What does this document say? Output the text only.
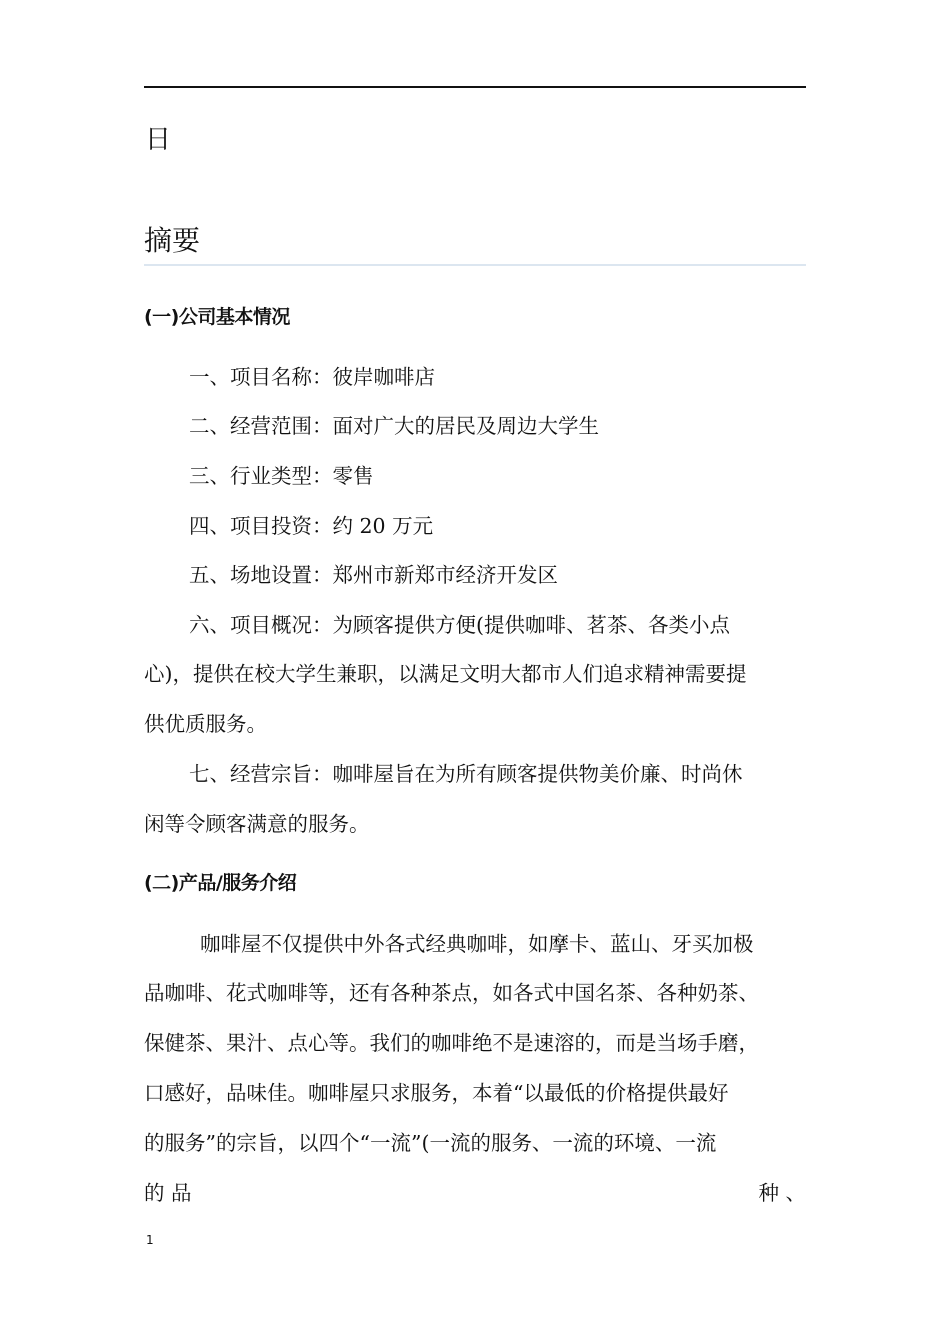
日
摘要
(一)公司基本情况
一、项目名称：彼岸咖啡店
二、经营范围：面对广大的居民及周边大学生
三、行业类型：零售
四、项目投资：约 20 万元
五、场地设置：郑州市新郑市经济开发区
六、项目概况：为顾客提供方便(提供咖啡、茗茶、各类小点
心)，提供在校大学生兼职，以满足文明大都市人们追求精神需要提
供优质服务。
七、经营宗旨：咖啡屋旨在为所有顾客提供物美价廉、时尚休
闲等令顾客满意的服务。
(二)产品/服务介绍
咖啡屋不仅提供中外各式经典咖啡，如摩卡、蓝山、牙买加极
品咖啡、花式咖啡等，还有各种茶点，如各式中国名茶、各种奶茶、
保健茶、果汁、点心等。我们的咖啡绝不是速溶的，而是当场手磨，
口感好，品味佳。咖啡屋只求服务，本着“以最低的价格提供最好
的服务”的宗旨，以四个“一流”(一流的服务、一流的环境、一流
的 品	种 、
1
